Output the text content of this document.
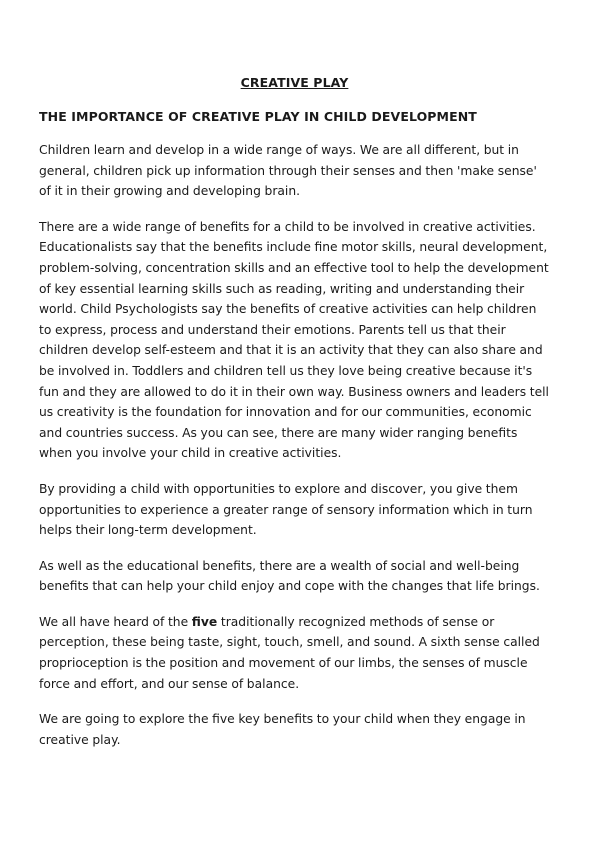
CREATIVE PLAY
THE IMPORTANCE OF CREATIVE PLAY IN CHILD DEVELOPMENT

Children learn and develop in a wide range of ways. We are all different, but in general, children pick up information through their senses and then 'make sense' of it in their growing and developing brain.

There are a wide range of benefits for a child to be involved in creative activities. Educationalists say that the benefits include fine motor skills, neural development, problem-solving, concentration skills and an effective tool to help the development of key essential learning skills such as reading, writing and understanding their world. Child Psychologists say the benefits of creative activities can help children to express, process and understand their emotions. Parents tell us that their children develop self-esteem and that it is an activity that they can also share and be involved in. Toddlers and children tell us they love being creative because it's fun and they are allowed to do it in their own way. Business owners and leaders tell us creativity is the foundation for innovation and for our communities, economic and countries success. As you can see, there are many wider ranging benefits when you involve your child in creative activities.

By providing a child with opportunities to explore and discover, you give them opportunities to experience a greater range of sensory information which in turn helps their long-term development.

As well as the educational benefits, there are a wealth of social and well-being benefits that can help your child enjoy and cope with the changes that life brings.

We all have heard of the five traditionally recognized methods of sense or perception, these being taste, sight, touch, smell, and sound. A sixth sense called proprioception is the position and movement of our limbs, the senses of muscle force and effort, and our sense of balance.

We are going to explore the five key benefits to your child when they engage in creative play.
